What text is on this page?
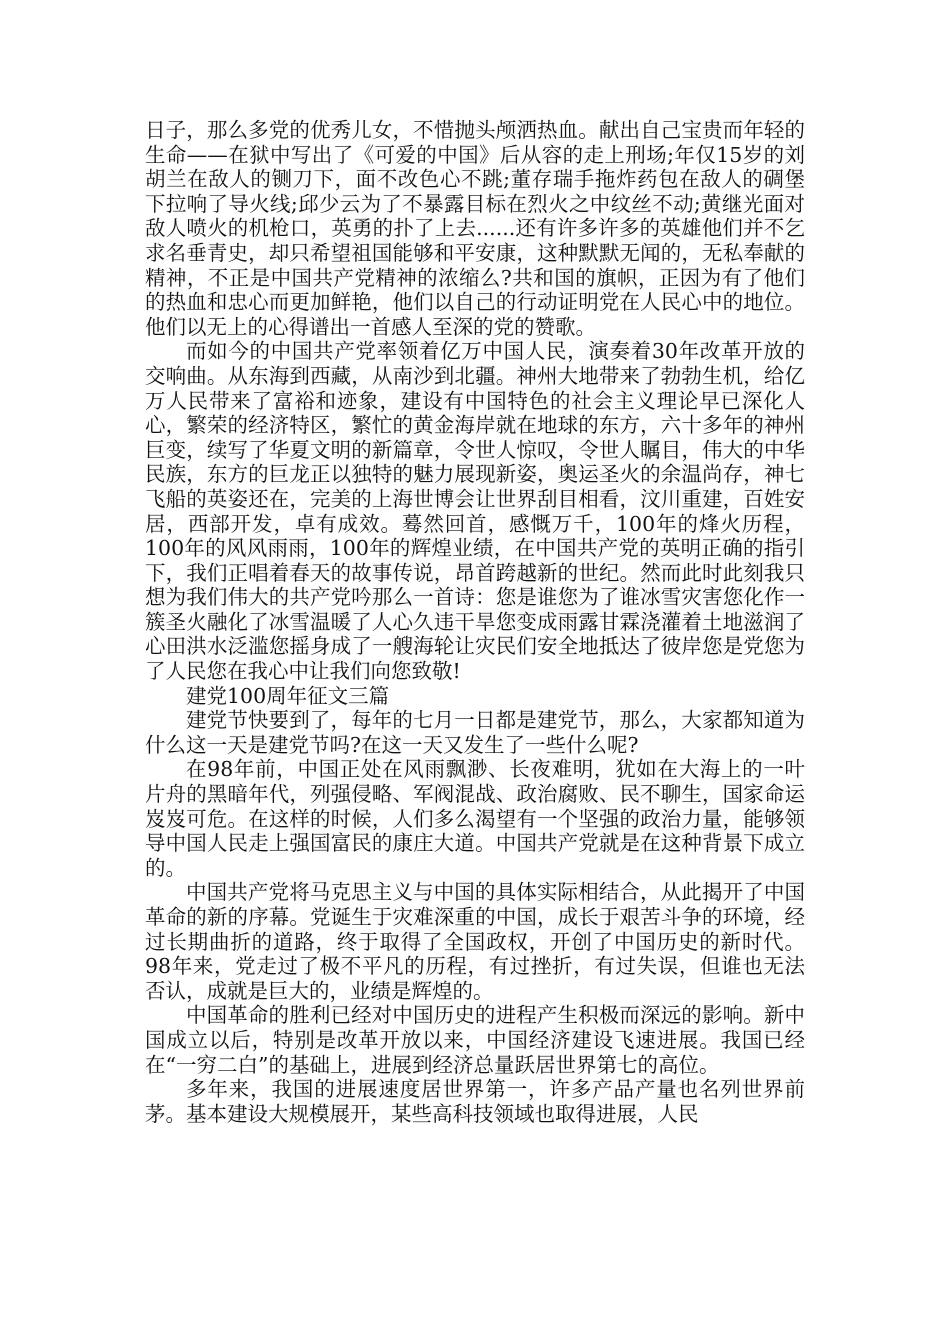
日子，那么多党的优秀儿女，不惜抛头颅洒热血。献出自己宝贵而年轻的生命——在狱中写出了《可爱的中国》后从容的走上刑场;年仅15岁的刘胡兰在敌人的铡刀下，面不改色心不跳;董存瑞手拖炸药包在敌人的碉堡下拉响了导火线;邱少云为了不暴露目标在烈火之中纹丝不动;黄继光面对敌人喷火的机枪口，英勇的扑了上去......还有许多许多的英雄他们并不乞求名垂青史，却只希望祖国能够和平安康，这种默默无闻的，无私奉献的精神，不正是中国共产党精神的浓缩么?共和国的旗帜，正因为有了他们的热血和忠心而更加鲜艳，他们以自己的行动证明党在人民心中的地位。他们以无上的心得谱出一首感人至深的党的赞歌。

而如今的中国共产党率领着亿万中国人民，演奏着30年改革开放的交响曲。从东海到西藏，从南沙到北疆。神州大地带来了勃勃生机，给亿万人民带来了富裕和迹象，建设有中国特色的社会主义理论早已深化人心，繁荣的经济特区，繁忙的黄金海岸就在地球的东方，六十多年的神州巨变，续写了华夏文明的新篇章，令世人惊叹，令世人瞩目，伟大的中华民族，东方的巨龙正以独特的魅力展现新姿，奥运圣火的余温尚存，神七飞船的英姿还在，完美的上海世博会让世界刮目相看，汶川重建，百姓安居，西部开发，卓有成效。蓦然回首，感慨万千，100年的烽火历程，100年的风风雨雨，100年的辉煌业绩，在中国共产党的英明正确的指引下，我们正唱着春天的故事传说，昂首跨越新的世纪。然而此时此刻我只想为我们伟大的共产党吟那么一首诗：您是谁您为了谁冰雪灾害您化作一簇圣火融化了冰雪温暖了人心久违干旱您变成雨露甘霖浇灌着土地滋润了心田洪水泛滥您摇身成了一艘海轮让灾民们安全地抵达了彼岸您是党您为了人民您在我心中让我们向您致敬!

建党100周年征文三篇

建党节快要到了，每年的七月一日都是建党节，那么，大家都知道为什么这一天是建党节吗?在这一天又发生了一些什么呢?

在98年前，中国正处在风雨飘渺、长夜难明，犹如在大海上的一叶片舟的黑暗年代，列强侵略、军阀混战、政治腐败、民不聊生，国家命运岌岌可危。在这样的时候，人们多么渴望有一个坚强的政治力量，能够领导中国人民走上强国富民的康庄大道。中国共产党就是在这种背景下成立的。

中国共产党将马克思主义与中国的具体实际相结合，从此揭开了中国革命的新的序幕。党诞生于灾难深重的中国，成长于艰苦斗争的环境，经过长期曲折的道路，终于取得了全国政权，开创了中国历史的新时代。98年来，党走过了极不平凡的历程，有过挫折，有过失误，但谁也无法否认，成就是巨大的，业绩是辉煌的。

中国革命的胜利已经对中国历史的进程产生积极而深远的影响。新中国成立以后，特别是改革开放以来，中国经济建设飞速进展。我国已经在“一穷二白”的基础上，进展到经济总量跃居世界第七的高位。

多年来，我国的进展速度居世界第一，许多产品产量也名列世界前茅。基本建设大规模展开，某些高科技领域也取得进展，人民
